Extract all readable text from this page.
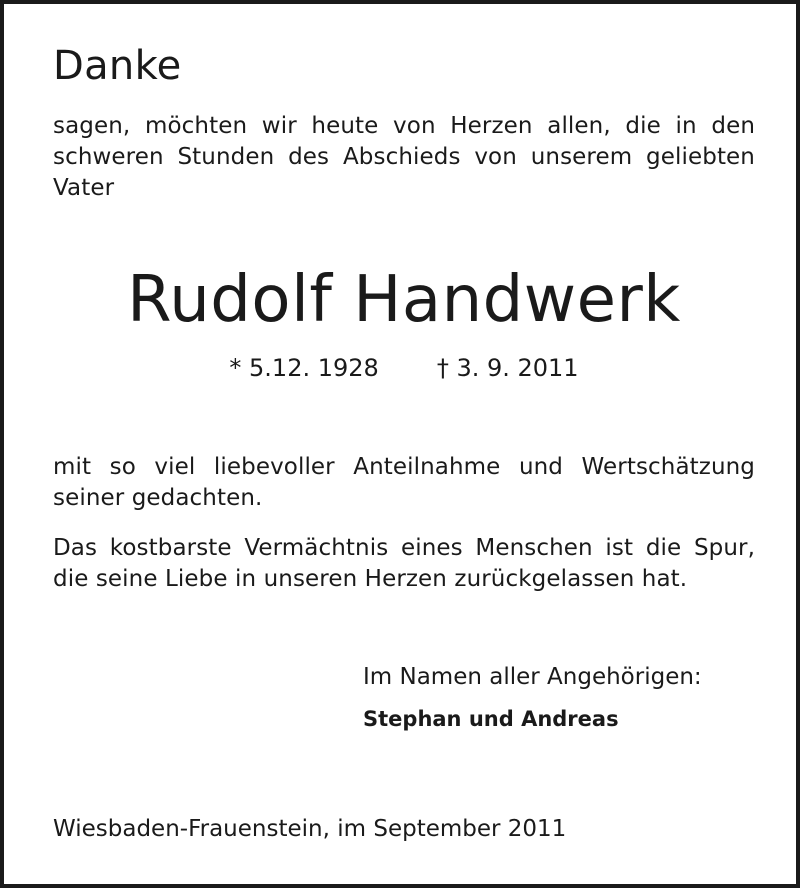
Danke

sagen, möchten wir heute von Herzen allen, die in den schweren Stunden des Abschieds von unserem geliebten Vater

Rudolf Handwerk
* 5.12. 1928 † 3. 9. 2011

mit so viel liebevoller Anteilnahme und Wertschätzung seiner gedachten.

Das kostbarste Vermächtnis eines Menschen ist die Spur, die seine Liebe in unseren Herzen zurückgelassen hat.

Im Namen aller Angehörigen:

Stephan und Andreas

Wiesbaden-Frauenstein, im September 2011
